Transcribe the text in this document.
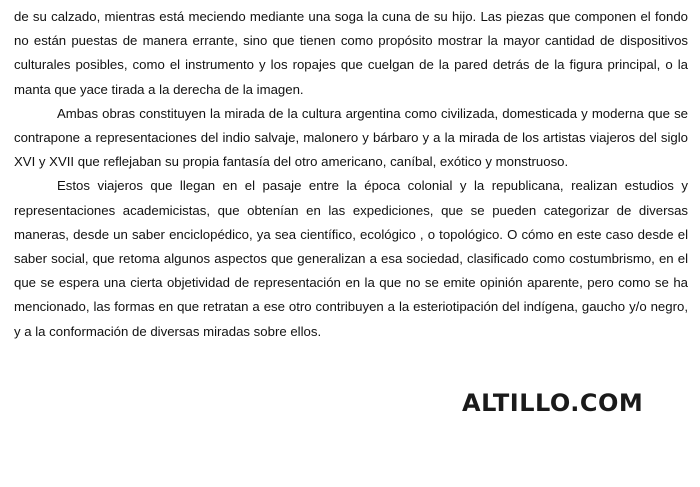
de su calzado, mientras está meciendo mediante una soga la cuna de su hijo. Las piezas que componen el fondo no están puestas de manera errante, sino que tienen como propósito mostrar la mayor cantidad de dispositivos culturales posibles, como el instrumento y los ropajes que cuelgan de la pared detrás de la figura principal, o la manta que yace tirada a la derecha de la imagen.

Ambas obras constituyen la mirada de la cultura argentina como civilizada, domesticada y moderna que se contrapone a representaciones del indio salvaje, malonero y bárbaro y a la mirada de los artistas viajeros del siglo XVI y XVII que reflejaban su propia fantasía del otro americano, caníbal, exótico y monstruoso.

Estos viajeros que llegan en el pasaje entre la época colonial y la republicana, realizan estudios y representaciones academicistas, que obtenían en las expediciones, que se pueden categorizar de diversas maneras, desde un saber enciclopédico, ya sea científico, ecológico , o topológico. O cómo en este caso desde el saber social, que retoma algunos aspectos que generalizan a esa sociedad, clasificado como costumbrismo, en el que se espera una cierta objetividad de representación en la que no se emite opinión aparente, pero como se ha mencionado, las formas en que retratan a ese otro contribuyen a la esteriotipación del indígena, gaucho y/o negro, y a la conformación de diversas miradas sobre ellos.

ALTILLO.COM
